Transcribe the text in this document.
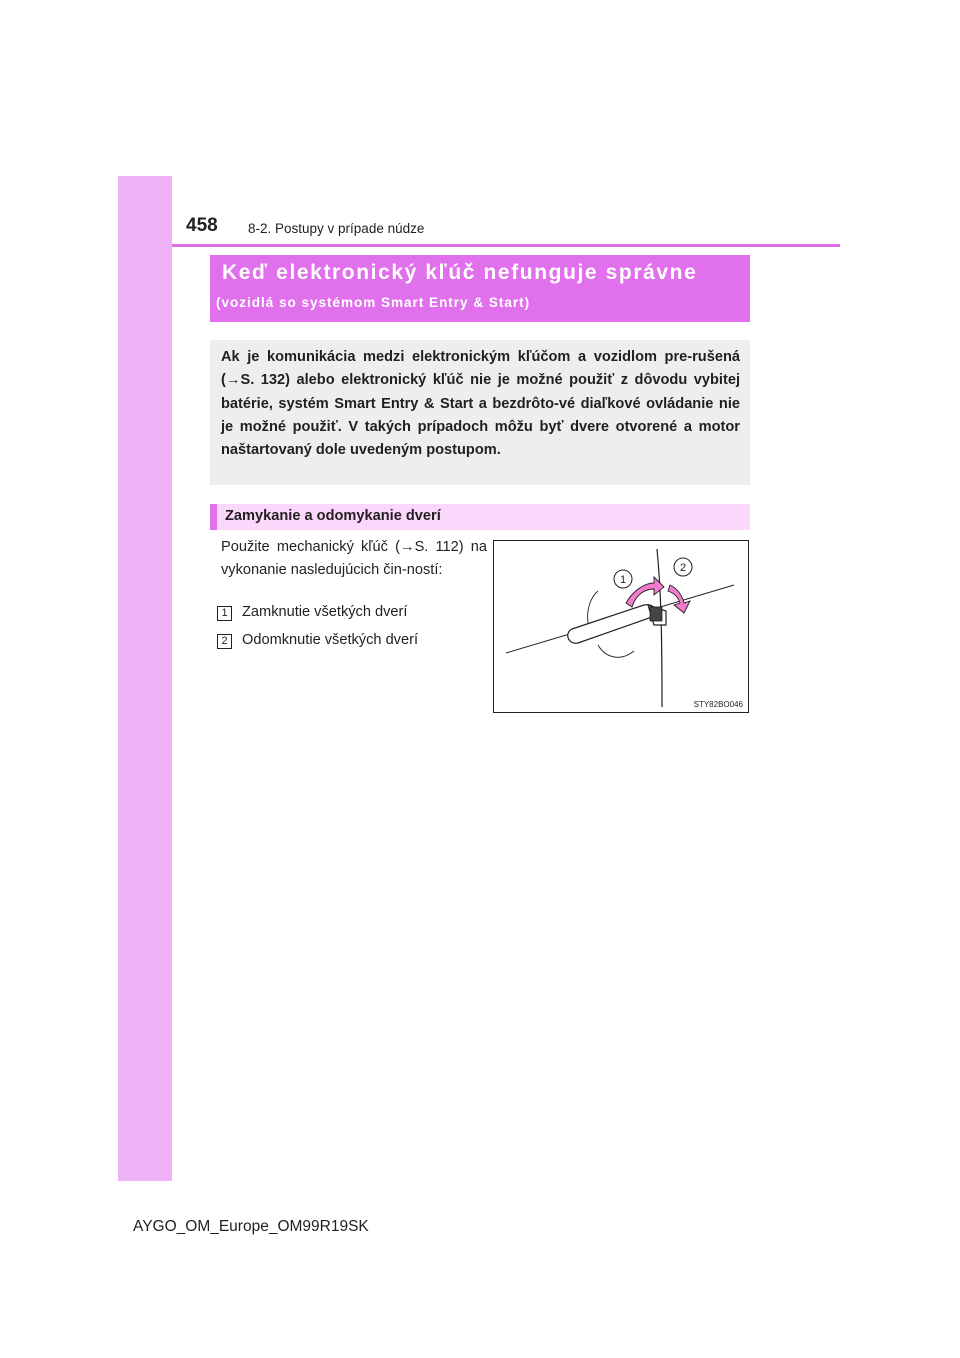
458 8-2. Postupy v prípade núdze
Keď elektronický kľúč nefunguje správne
(vozidlá so systémom Smart Entry & Start)
Ak je komunikácia medzi elektronickým kľúčom a vozidlom pre-rušená (→S. 132) alebo elektronický kľúč nie je možné použiť z dôvodu vybitej batérie, systém Smart Entry & Start a bezdrôto-vé diaľkové ovládanie nie je možné použiť. V takých prípadoch môžu byť dvere otvorené a motor naštartovaný dole uvedeným postupom.
Zamykanie a odomykanie dverí
Použite mechanický kľúč (→S. 112) na vykonanie nasledujúcich čin-ností:
1 Zamknutie všetkých dverí
2 Odomknutie všetkých dverí
1
2
STY82BO046
AYGO_OM_Europe_OM99R19SK
